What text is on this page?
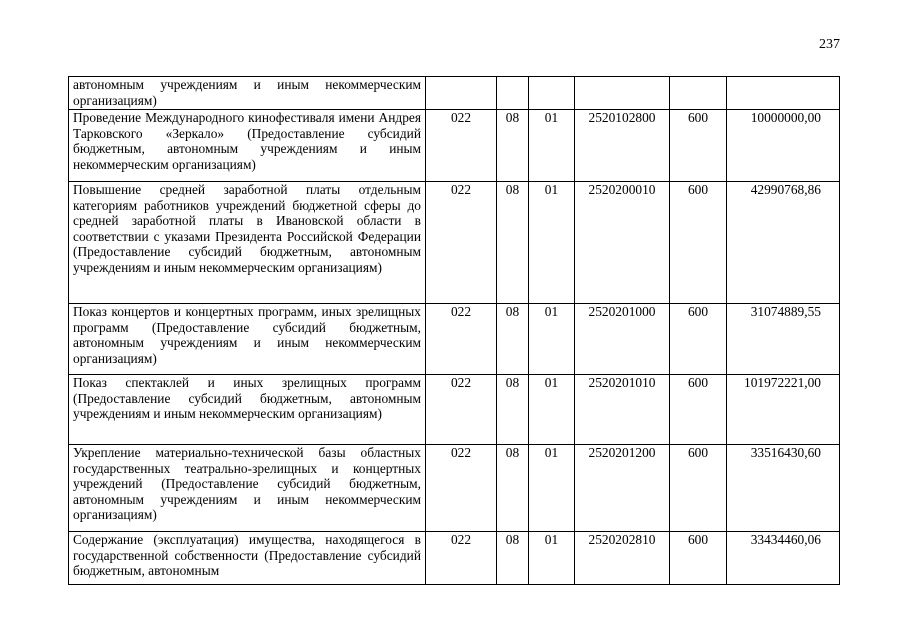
237
автономным учреждениям и иным некоммерческим организациям)						
Проведение Международного кинофестиваля имени Андрея Тарковского «Зеркало» (Предоставление субсидий бюджетным, автономным учреждениям и иным некоммерческим организациям)	022	08	01	2520102800	600	10000000,00
Повышение средней заработной платы отдельным категориям работников учреждений бюджетной сферы до средней заработной платы в Ивановской области в соответствии с указами Президента Российской Федерации (Предоставление субсидий бюджетным, автономным учреждениям и иным некоммерческим организациям)	022	08	01	2520200010	600	42990768,86
Показ концертов и концертных программ, иных зрелищных программ (Предоставление субсидий бюджетным, автономным учреждениям и иным некоммерческим организациям)	022	08	01	2520201000	600	31074889,55
Показ спектаклей и иных зрелищных программ (Предоставление субсидий бюджетным, автономным учреждениям и иным некоммерческим организациям)	022	08	01	2520201010	600	101972221,00
Укрепление материально-технической базы областных государственных театрально-зрелищных и концертных учреждений (Предоставление субсидий бюджетным, автономным учреждениям и иным некоммерческим организациям)	022	08	01	2520201200	600	33516430,60
Содержание (эксплуатация) имущества, находящегося в государственной собственности (Предоставление субсидий бюджетным, автономным	022	08	01	2520202810	600	33434460,06
